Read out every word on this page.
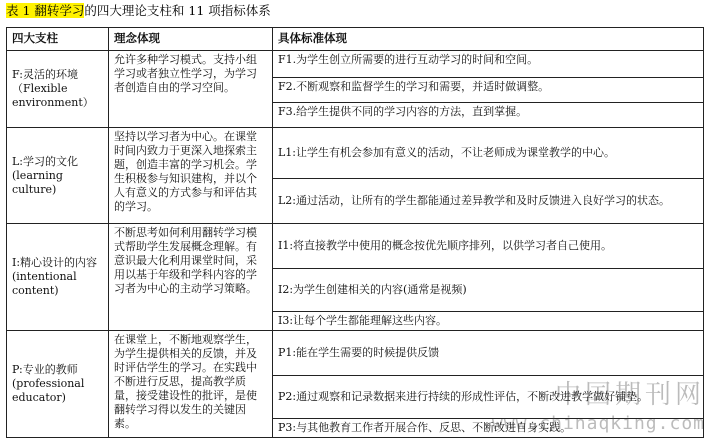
表 1 翻转学习的四大理论支柱和 11 项指标体系
四大支柱	理念体现	具体标准体现

F:灵活的环境
（Flexible environment）	允许多种学习模式。支持小组学习或者独立性学习，为学习者创造自由的学习空间。	F1.为学生创立所需要的进行互动学习的时间和空间。
		F2.不断观察和监督学生的学习和需要，并适时做调整。
		F3.给学生提供不同的学习内容的方法，直到掌握。

L:学习的文化
(learning culture)	坚持以学习者为中心。在课堂时间内致力于更深入地探索主题，创造丰富的学习机会。学生积极参与知识建构，并以个人有意义的方式参与和评估其的学习。	L1:让学生有机会参加有意义的活动，不让老师成为课堂教学的中心。
		L2:通过活动，让所有的学生都能通过差异教学和及时反馈进入良好学习的状态。

I:精心设计的内容
(intentional content)	不断思考如何利用翻转学习模式帮助学生发展概念理解。有意识最大化利用课堂时间，采用以基于年级和学科内容的学习者为中心的主动学习策略。	I1:将直接教学中使用的概念按优先顺序排列，以供学习者自己使用。
		I2:为学生创建相关的内容(通常是视频)
		I3:让每个学生都能理解这些内容。

P:专业的教师
(professional educator)	在课堂上，不断地观察学生，为学生提供相关的反馈，并及时评估学生的学习。在实践中不断进行反思，提高教学质量，接受建设性的批评，是使翻转学习得以发生的关键因素。	P1:能在学生需要的时候提供反馈
		P2:通过观察和记录数据来进行持续的形成性评估，不断改进教学做好铺垫。
		P3:与其他教育工作者开展合作、反思、不断改进自身实践。
中国期刊网
www.chinaqking.com
